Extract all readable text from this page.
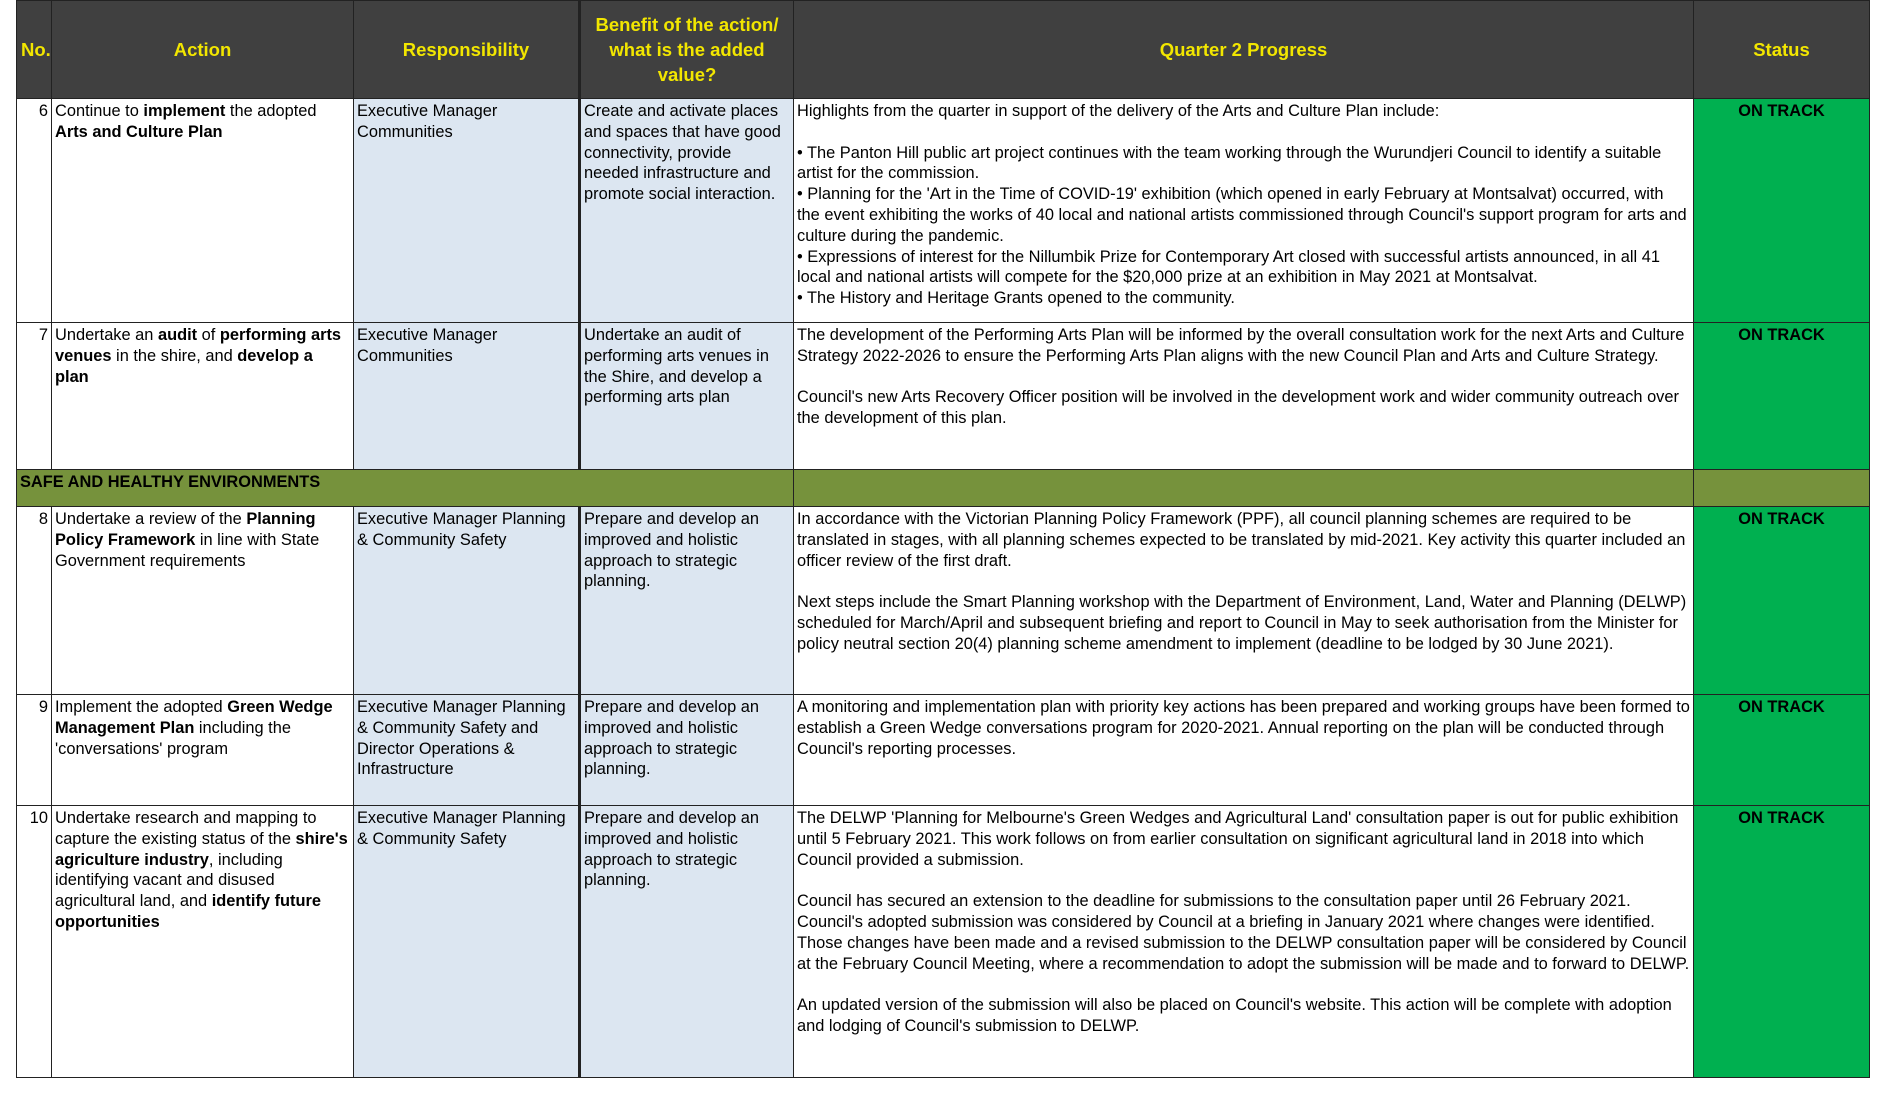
No.	Action	Responsibility	Benefit of the action/ what is the added value?	Quarter 2 Progress	Status
6	Continue to implement the adopted Arts and Culture Plan	Executive Manager Communities	Create and activate places and spaces that have good connectivity, provide needed infrastructure and promote social interaction.	Highlights from the quarter in support of the delivery of the Arts and Culture Plan include:

• The Panton Hill public art project continues with the team working through the Wurundjeri Council to identify a suitable artist for the commission.
• Planning for the 'Art in the Time of COVID-19' exhibition (which opened in early February at Montsalvat) occurred, with the event exhibiting the works of 40 local and national artists commissioned through Council's support program for arts and culture during the pandemic.
• Expressions of interest for the Nillumbik Prize for Contemporary Art closed with successful artists announced, in all 41 local and national artists will compete for the $20,000 prize at an exhibition in May 2021 at Montsalvat.
• The History and Heritage Grants opened to the community.	ON TRACK
7	Undertake an audit of performing arts venues in the shire, and develop a plan	Executive Manager Communities	Undertake an audit of performing arts venues in the Shire, and develop a performing arts plan	The development of the Performing Arts Plan will be informed by the overall consultation work for the next Arts and Culture Strategy 2022-2026 to ensure the Performing Arts Plan aligns with the new Council Plan and Arts and Culture Strategy.

Council's new Arts Recovery Officer position will be involved in the development work and wider community outreach over the development of this plan.	ON TRACK
SAFE AND HEALTHY ENVIRONMENTS					
8	Undertake a review of the Planning Policy Framework in line with State Government requirements	Executive Manager Planning & Community Safety	Prepare and develop an improved and holistic approach to strategic planning.	In accordance with the Victorian Planning Policy Framework (PPF), all council planning schemes are required to be translated in stages, with all planning schemes expected to be translated by mid-2021. Key activity this quarter included an officer review of the first draft.

Next steps include the Smart Planning workshop with the Department of Environment, Land, Water and Planning (DELWP) scheduled for March/April and subsequent briefing and report to Council in May to seek authorisation from the Minister for policy neutral section 20(4) planning scheme amendment to implement (deadline to be lodged by 30 June 2021).	ON TRACK
9	Implement the adopted Green Wedge Management Plan including the 'conversations' program	Executive Manager Planning & Community Safety and Director Operations & Infrastructure	Prepare and develop an improved and holistic approach to strategic planning.	A monitoring and implementation plan with priority key actions has been prepared and working groups have been formed to establish a Green Wedge conversations program for 2020-2021. Annual reporting on the plan will be conducted through Council's reporting processes.	ON TRACK
10	Undertake research and mapping to capture the existing status of the shire's agriculture industry, including identifying vacant and disused agricultural land, and identify future opportunities	Executive Manager Planning & Community Safety	Prepare and develop an improved and holistic approach to strategic planning.	The DELWP 'Planning for Melbourne's Green Wedges and Agricultural Land' consultation paper is out for public exhibition until 5 February 2021. This work follows on from earlier consultation on significant agricultural land in 2018 into which Council provided a submission.

Council has secured an extension to the deadline for submissions to the consultation paper until 26 February 2021. Council's adopted submission was considered by Council at a briefing in January 2021 where changes were identified. Those changes have been made and a revised submission to the DELWP consultation paper will be considered by Council at the February Council Meeting, where a recommendation to adopt the submission will be made and to forward to DELWP.

An updated version of the submission will also be placed on Council's website. This action will be complete with adoption and lodging of Council's submission to DELWP.	ON TRACK
